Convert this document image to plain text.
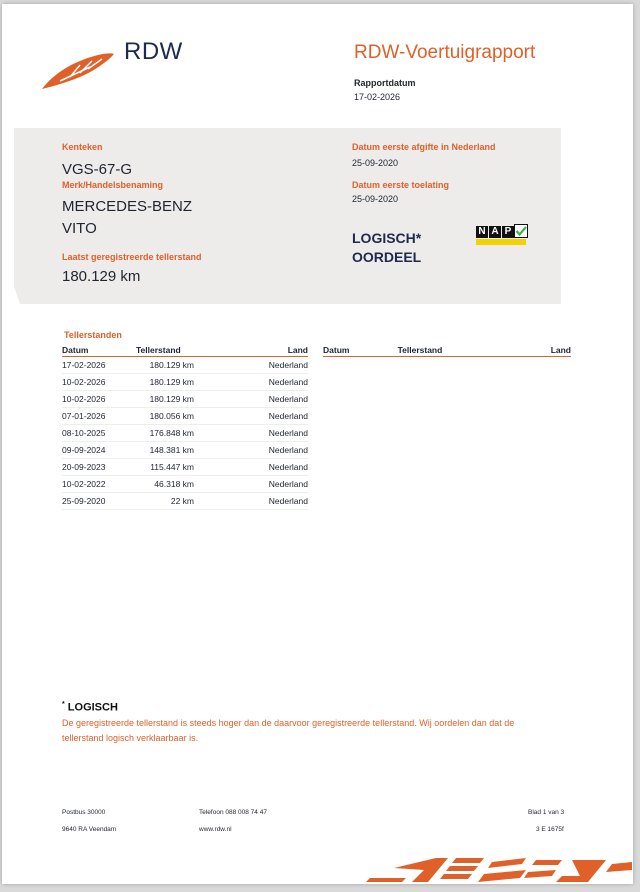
RDW	RDW-Voertuigrapport
Rapportdatum
17-02-2026
Kenteken
VGS-67-G
Merk/Handelsbenaming
MERCEDES-BENZ
VITO
Laatst geregistreerde tellerstand
180.129 km
Datum eerste afgifte in Nederland
25-09-2020
Datum eerste toelating
25-09-2020
LOGISCH*
OORDEEL
N A P
Tellerstanden
Datum	Tellerstand	Land
17-02-2026	180.129 km	Nederland
10-02-2026	180.129 km	Nederland
10-02-2026	180.129 km	Nederland
07-01-2026	180.056 km	Nederland
08-10-2025	176.848 km	Nederland
09-09-2024	148.381 km	Nederland
20-09-2023	115.447 km	Nederland
10-02-2022	46.318 km	Nederland
25-09-2020	22 km	Nederland
Datum	Tellerstand	Land
* LOGISCH
De geregistreerde tellerstand is steeds hoger dan de daarvoor geregistreerde tellerstand. Wij oordelen dan dat de tellerstand logisch verklaarbaar is.
Postbus 30000
9640 RA Veendam
Telefoon 088 008 74 47
www.rdw.nl
Blad 1 van 3
3 E 1675f
